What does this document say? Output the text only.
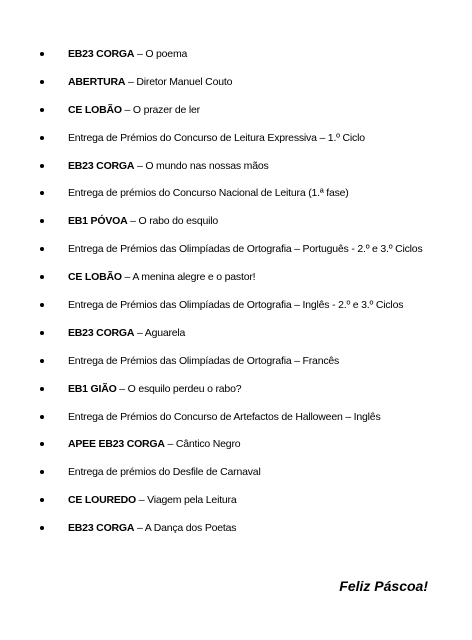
EB23 CORGA – O poema
ABERTURA – Diretor Manuel Couto
CE LOBÃO – O prazer de ler
Entrega de Prémios do Concurso de Leitura Expressiva – 1.º Ciclo
EB23 CORGA – O mundo nas nossas mãos
Entrega de prémios do Concurso Nacional de Leitura (1.ª fase)
EB1 PÓVOA – O rabo do esquilo
Entrega de Prémios das Olimpíadas de Ortografia – Português - 2.º e 3.º Ciclos
CE LOBÃO – A menina alegre e o pastor!
Entrega de Prémios das Olimpíadas de Ortografia – Inglês - 2.º e 3.º Ciclos
EB23 CORGA – Aguarela
Entrega de Prémios das Olimpíadas de Ortografia – Francês
EB1 GIÃO – O esquilo perdeu o rabo?
Entrega de Prémios do Concurso de Artefactos de Halloween – Inglês
APEE EB23 CORGA – Cântico Negro
Entrega de prémios do Desfile de Carnaval
CE LOUREDO – Viagem pela Leitura
EB23 CORGA – A Dança dos Poetas
Feliz Páscoa!
